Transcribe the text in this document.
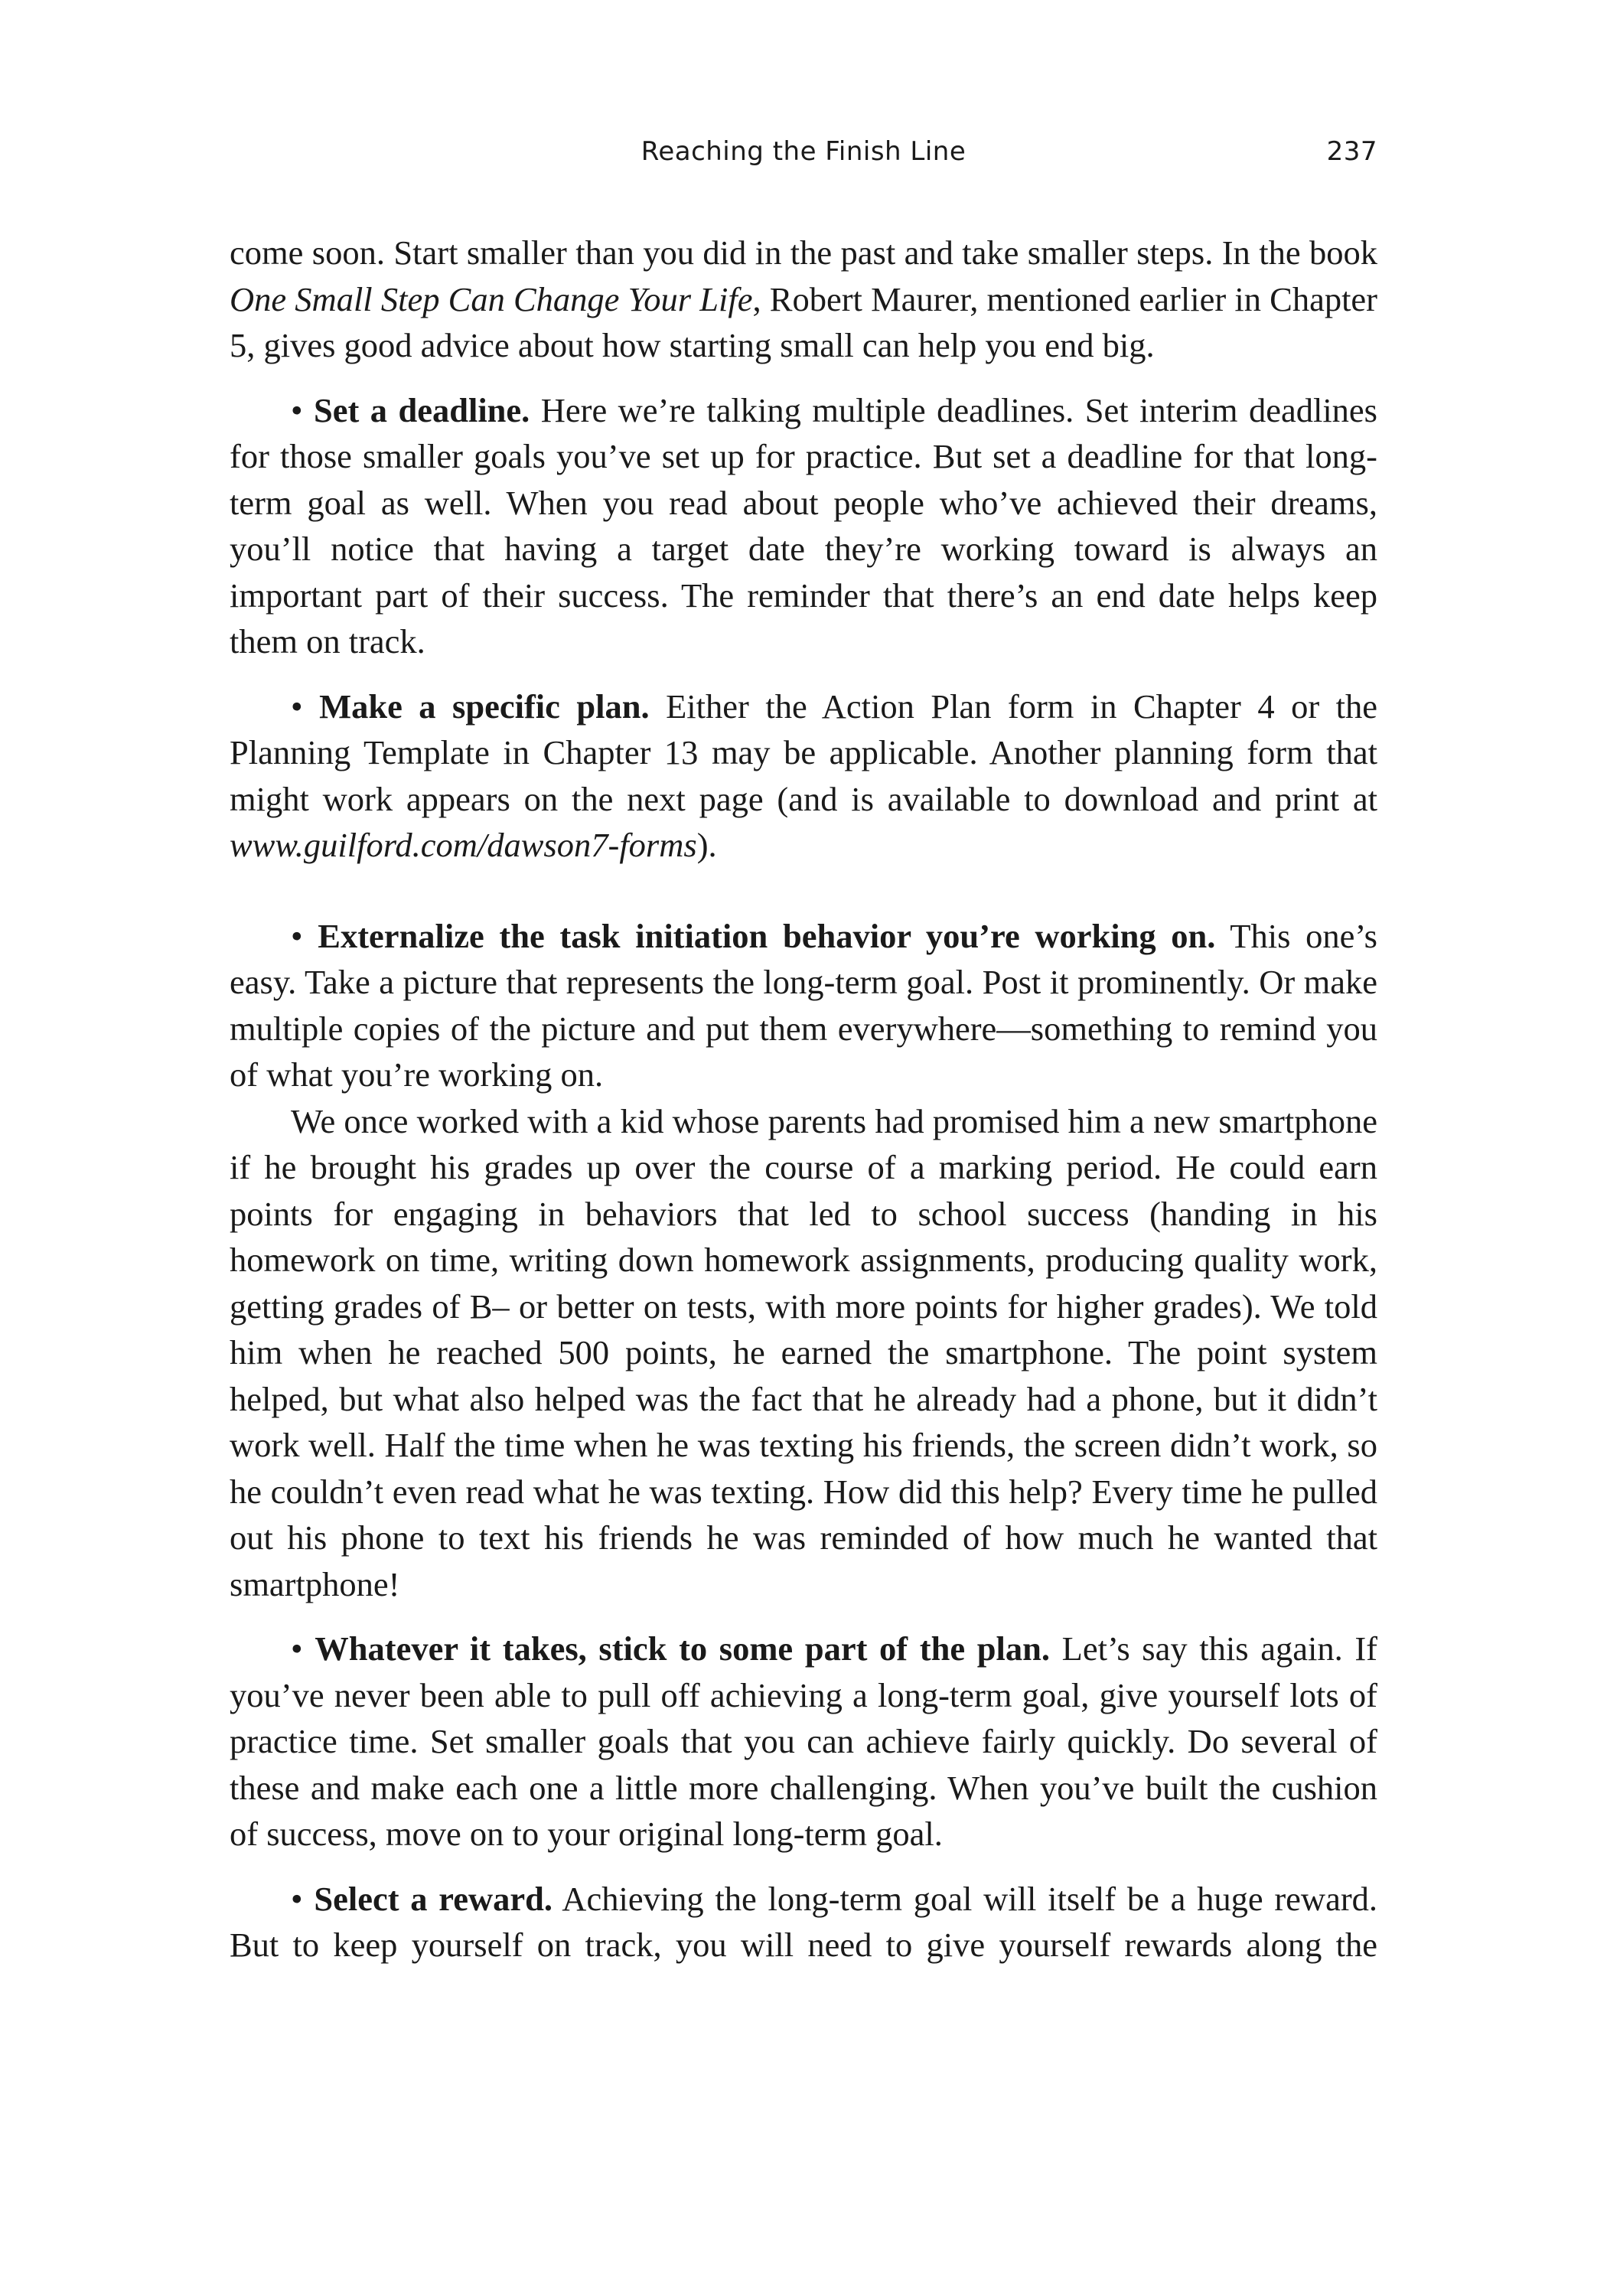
Reaching the Finish Line	237

come soon. Start smaller than you did in the past and take smaller steps. In the book One Small Step Can Change Your Life, Robert Maurer, mentioned earlier in Chapter 5, gives good advice about how starting small can help you end big.

• Set a deadline. Here we’re talking multiple deadlines. Set interim deadlines for those smaller goals you’ve set up for practice. But set a deadline for that long-term goal as well. When you read about people who’ve achieved their dreams, you’ll notice that having a target date they’re working toward is always an important part of their success. The reminder that there’s an end date helps keep them on track.

• Make a specific plan. Either the Action Plan form in Chapter 4 or the Planning Template in Chapter 13 may be applicable. Another planning form that might work appears on the next page (and is available to download and print at www.guilford.com/dawson7-forms).

• Externalize the task initiation behavior you’re working on. This one’s easy. Take a picture that represents the long-term goal. Post it prominently. Or make multiple copies of the picture and put them everywhere—something to remind you of what you’re working on.

We once worked with a kid whose parents had promised him a new smartphone if he brought his grades up over the course of a marking period. He could earn points for engaging in behaviors that led to school success (handing in his homework on time, writing down homework assignments, producing quality work, getting grades of B– or better on tests, with more points for higher grades). We told him when he reached 500 points, he earned the smartphone. The point system helped, but what also helped was the fact that he already had a phone, but it didn’t work well. Half the time when he was texting his friends, the screen didn’t work, so he couldn’t even read what he was texting. How did this help? Every time he pulled out his phone to text his friends he was reminded of how much he wanted that smartphone!

• Whatever it takes, stick to some part of the plan. Let’s say this again. If you’ve never been able to pull off achieving a long-term goal, give yourself lots of practice time. Set smaller goals that you can achieve fairly quickly. Do several of these and make each one a little more challenging. When you’ve built the cushion of success, move on to your original long-term goal.

• Select a reward. Achieving the long-term goal will itself be a huge reward. But to keep yourself on track, you will need to give yourself rewards along the
